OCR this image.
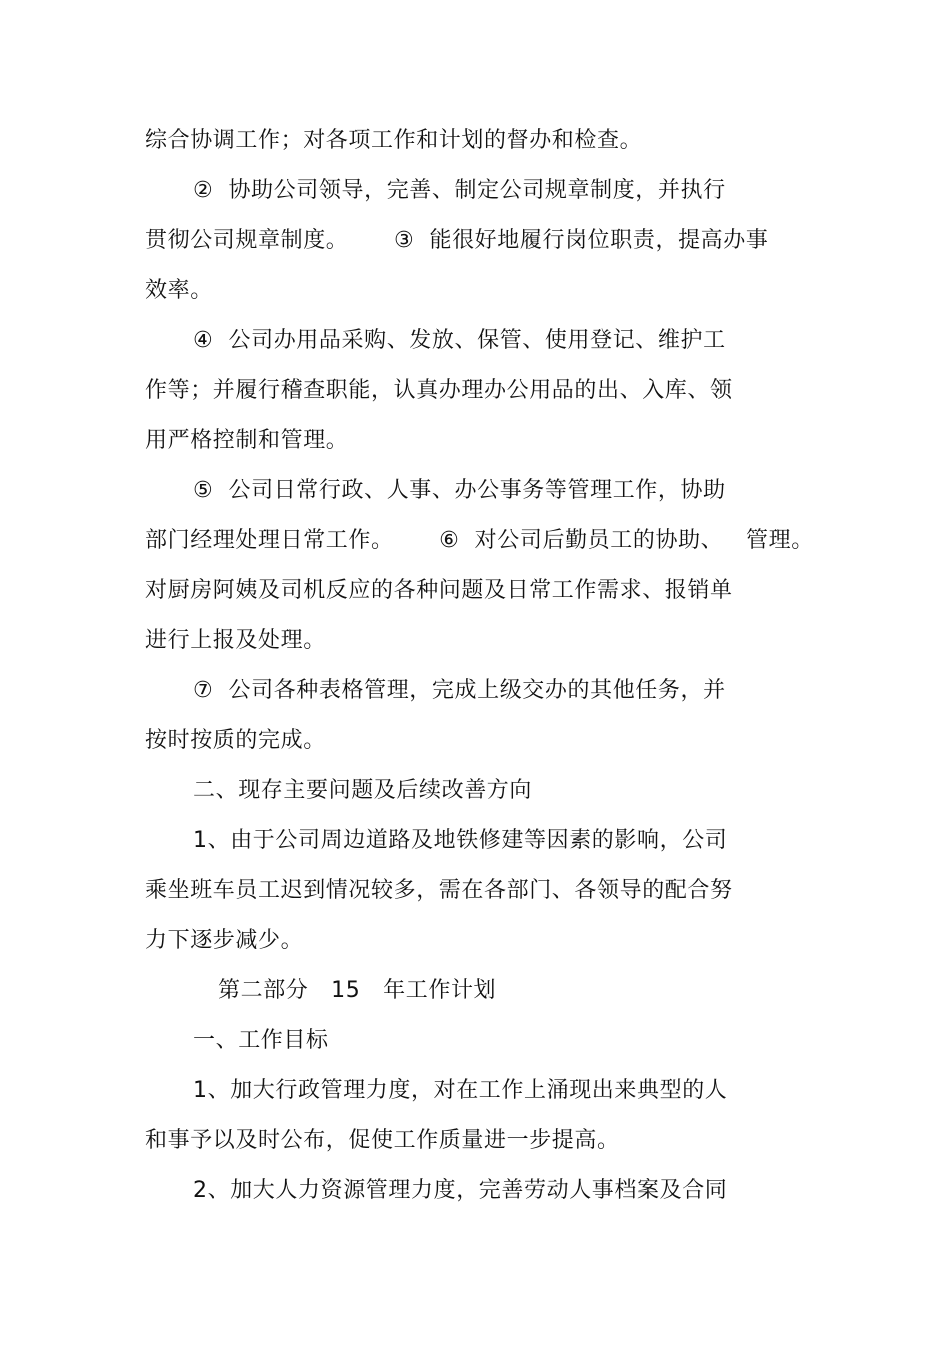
综合协调工作；对各项工作和计划的督办和检查。
②  协助公司领导，完善、制定公司规章制度，并执行
贯彻公司规章制度。      ③  能很好地履行岗位职责，提高办事
效率。
④  公司办用品采购、发放、保管、使用登记、维护工
作等；并履行稽查职能，认真办理办公用品的出、入库、领
用严格控制和管理。
⑤  公司日常行政、人事、办公事务等管理工作，协助
部门经理处理日常工作。      ⑥  对公司后勤员工的协助、   管理。
对厨房阿姨及司机反应的各种问题及日常工作需求、报销单
进行上报及处理。
⑦  公司各种表格管理，完成上级交办的其他任务，并
按时按质的完成。
二、现存主要问题及后续改善方向
1、由于公司周边道路及地铁修建等因素的影响，公司
乘坐班车员工迟到情况较多，需在各部门、各领导的配合努
力下逐步减少。
第二部分   15   年工作计划
一、工作目标
1、加大行政管理力度，对在工作上涌现出来典型的人
和事予以及时公布，促使工作质量进一步提高。
2、加大人力资源管理力度，完善劳动人事档案及合同
